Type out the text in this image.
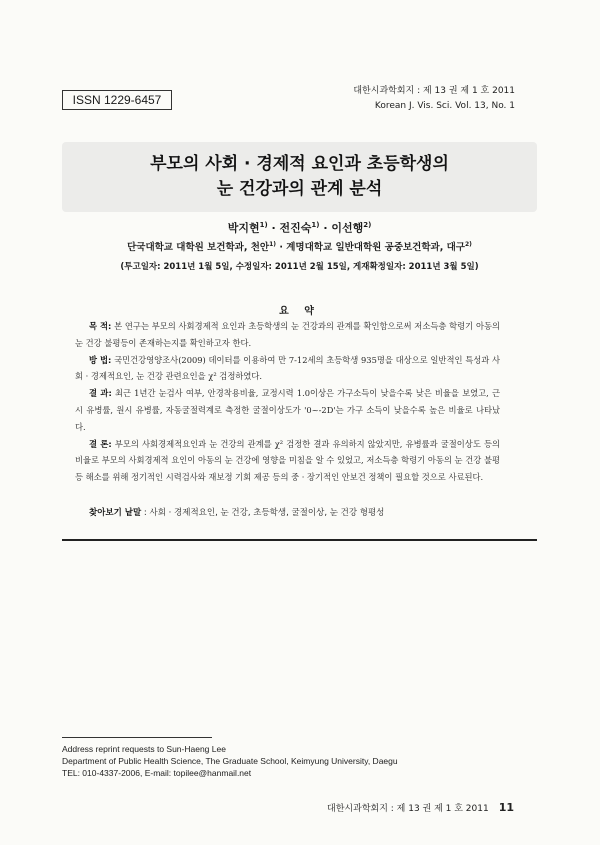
ISSN 1229-6457
대한시과학회지 : 제 13 권 제 1 호 2011
Korean J. Vis. Sci. Vol. 13, No. 1
부모의 사회 · 경제적 요인과 초등학생의
눈 건강과의 관계 분석
박지현$^{1)}$ · 전진숙$^{1)}$ · 이선행$^{2)}$
단국대학교 대학원 보건학과, 천안$^{1)}$ · 계명대학교 일반대학원 공중보건학과, 대구$^{2)}$
(투고일자: 2011년 1월 5일, 수정일자: 2011년 2월 15일, 게재확정일자: 2011년 3월 5일)
요 약
목 적: 본 연구는 부모의 사회경제적 요인과 초등학생의 눈 건강과의 관계를 확인함으로써 저소득층 학령기 아동의 눈 건강 불평등이 존재하는지를 확인하고자 한다.
방 법: 국민건강영양조사(2009) 데이터를 이용하여 만 7-12세의 초등학생 935명을 대상으로 일반적인 특성과 사회 · 경제적요인, 눈 건강 관련요인을 χ² 검정하였다.
결 과: 최근 1년간 눈검사 여부, 안경착용비율, 교정시력 1.0이상은 가구소득이 낮을수록 낮은 비율을 보였고, 근시 유병률, 원시 유병률, 자동굴절력계로 측정한 굴절이상도가 '0~-2D'는 가구 소득이 낮을수록 높은 비율로 나타났다.
결 론: 부모의 사회경제적요인과 눈 건강의 관계를 χ² 검정한 결과 유의하지 않았지만, 유병률과 굴절이상도 등의 비율로 부모의 사회경제적 요인이 아동의 눈 건강에 영향을 미침을 알 수 있었고, 저소득층 학령기 아동의 눈 건강 불평등 해소를 위해 정기적인 시력검사와 재보정 기회 제공 등의 중 · 장기적인 안보건 정책이 필요할 것으로 사료된다.
찾아보기 낱말 : 사회 · 경제적요인, 눈 건강, 초등학생, 굴절이상, 눈 건강 형평성
Address reprint requests to Sun-Haeng Lee
Department of Public Health Science, The Graduate School, Keimyung University, Daegu
TEL: 010-4337-2006, E-mail: topilee@hanmail.net
대한시과학회지 : 제 13 권 제 1 호 2011 11
